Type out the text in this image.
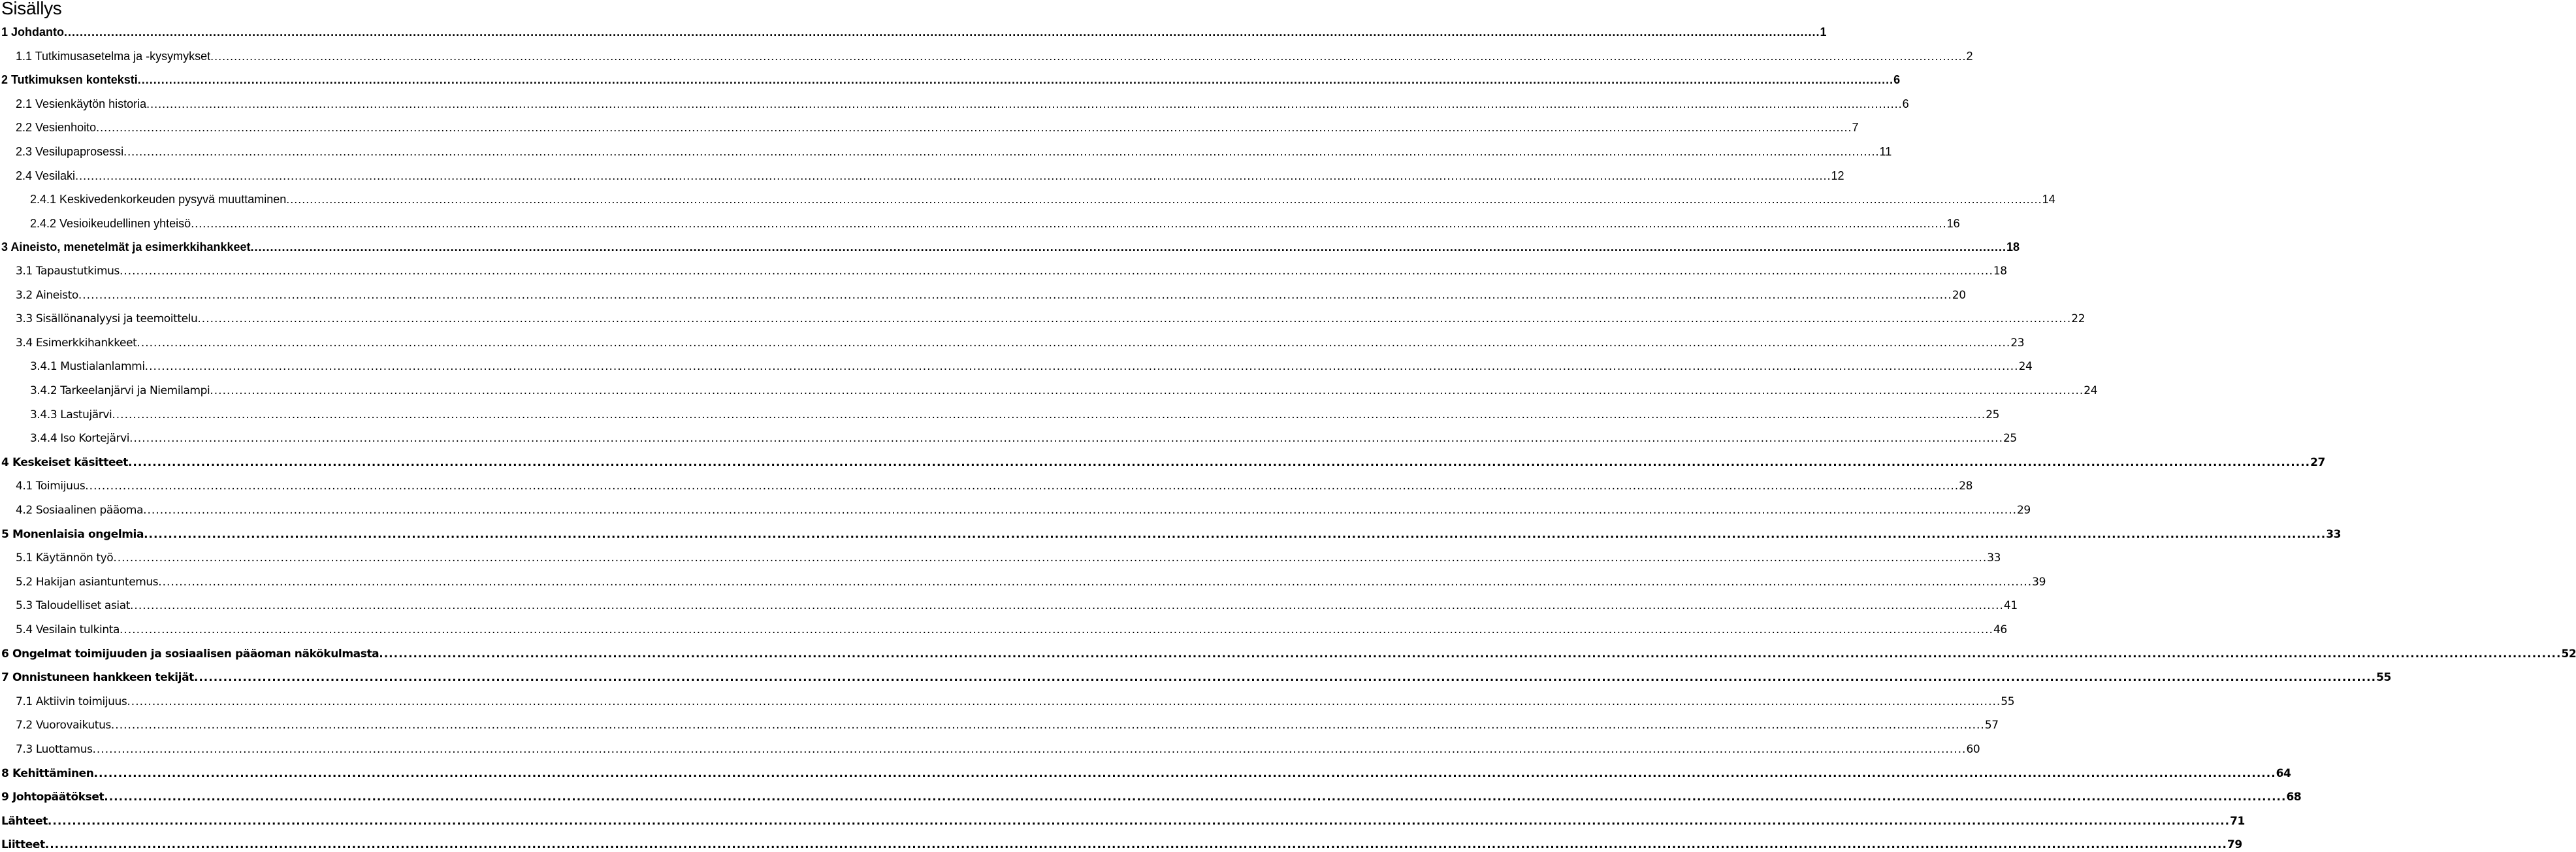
Sisällys
1 Johdanto .....	1
1.1 Tutkimusasetelma ja -kysymykset .....	2
2 Tutkimuksen konteksti .....	6
2.1 Vesienkäytön historia .....	6
2.2 Vesienhoito .....	7
2.3 Vesilupaprosessi .....	11
2.4 Vesilaki .....	12
2.4.1 Keskivedenkorkeuden pysyvä muuttaminen .....	14
2.4.2 Vesioikeudellinen yhteisö .....	16
3 Aineisto, menetelmät ja esimerkkihankkeet .....	18
3.1 Tapaustutkimus .....	18
3.2 Aineisto .....	20
3.3 Sisällönanalyysi ja teemoittelu .....	22
3.4 Esimerkkihankkeet .....	23
3.4.1 Mustialanlammi .....	24
3.4.2 Tarkeelanjärvi ja Niemilampi .....	24
3.4.3 Lastujärvi .....	25
3.4.4 Iso Kortejärvi .....	25
4 Keskeiset käsitteet .....	27
4.1 Toimijuus .....	28
4.2 Sosiaalinen pääoma .....	29
5 Monenlaisia ongelmia .....	33
5.1 Käytännön työ .....	33
5.2 Hakijan asiantuntemus .....	39
5.3 Taloudelliset asiat .....	41
5.4 Vesilain tulkinta .....	46
6 Ongelmat toimijuuden ja sosiaalisen pääoman näkökulmasta .....	52
7 Onnistuneen hankkeen tekijät .....	55
7.1 Aktiivin toimijuus .....	55
7.2 Vuorovaikutus .....	57
7.3 Luottamus .....	60
8 Kehittäminen .....	64
9 Johtopäätökset .....	68
Lähteet .....	71
Liitteet .....	79
